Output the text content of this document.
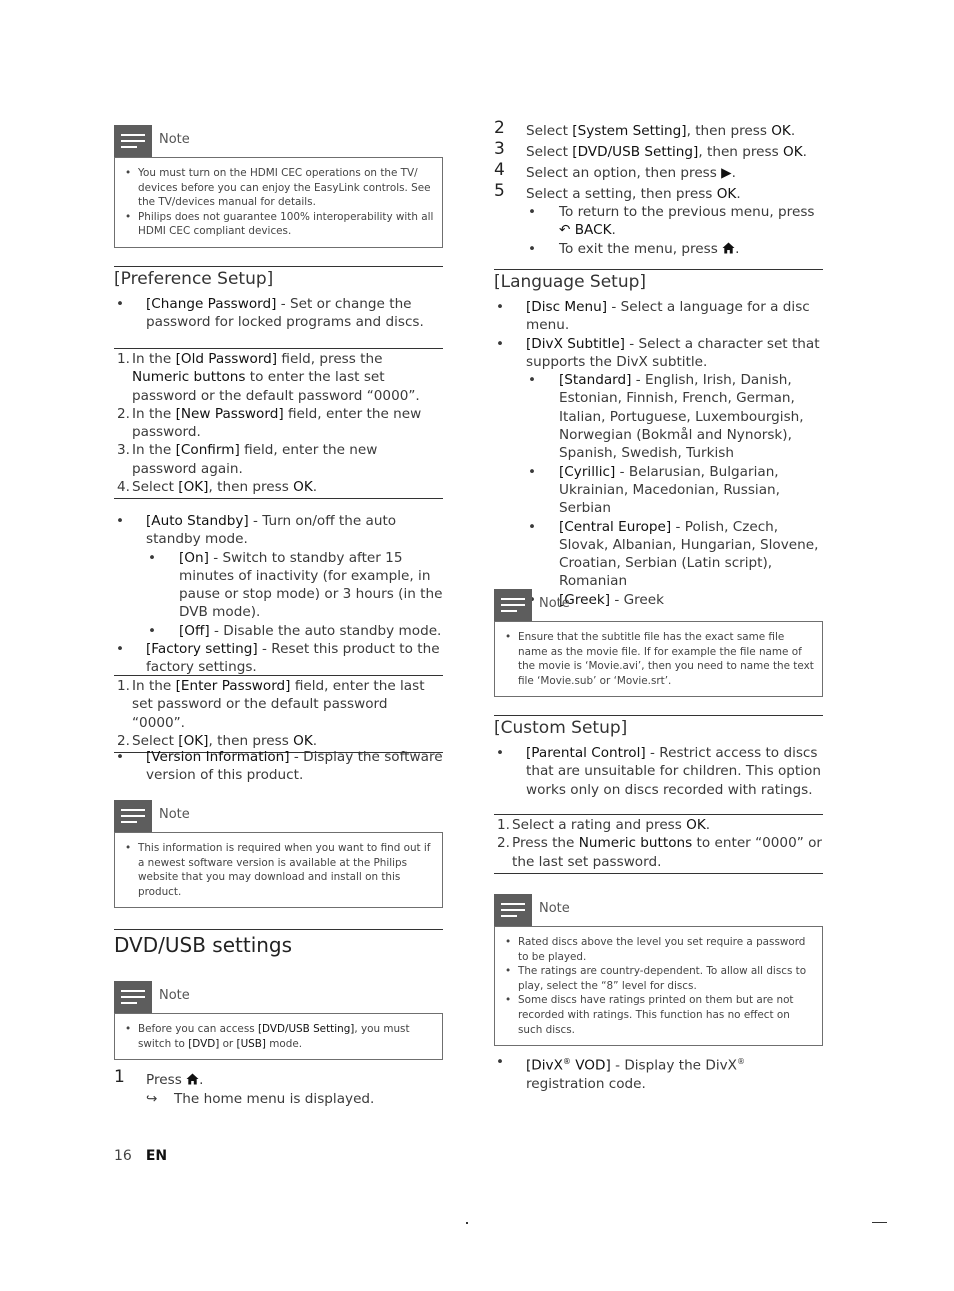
Note
• You must turn on the HDMI CEC operations on the TV/ devices before you can enjoy the EasyLink controls. See the TV/devices manual for details.
• Philips does not guarantee 100% interoperability with all HDMI CEC compliant devices.
[Preference Setup]
• [Change Password] - Set or change the password for locked programs and discs.
1. In the [Old Password] field, press the Numeric buttons to enter the last set password or the default password “0000”.
2. In the [New Password] field, enter the new password.
3. In the [Confirm] field, enter the new password again.
4. Select [OK], then press OK.
• [Auto Standby] - Turn on/off the auto standby mode.
• [On] - Switch to standby after 15 minutes of inactivity (for example, in pause or stop mode) or 3 hours (in the DVB mode).
• [Off] - Disable the auto standby mode.
• [Factory setting] - Reset this product to the factory settings.
1. In the [Enter Password] field, enter the last set password or the default password “0000”.
2. Select [OK], then press OK.
• [Version Information] - Display the software version of this product.
Note
• This information is required when you want to find out if a newest software version is available at the Philips website that you may download and install on this product.
DVD/USB settings
Note
• Before you can access [DVD/USB Setting], you must switch to [DVD] or [USB] mode.
1	Press .
↪ The home menu is displayed.
2	Select [System Setting], then press OK.
3	Select [DVD/USB Setting], then press OK.
4	Select an option, then press ▶.
5	Select a setting, then press OK.
• To return to the previous menu, press
↶ BACK.
• To exit the menu, press .
[Language Setup]
• [Disc Menu] - Select a language for a disc menu.
• [DivX Subtitle] - Select a character set that supports the DivX subtitle.
• [Standard] - English, Irish, Danish, Estonian, Finnish, French, German, Italian, Portuguese, Luxembourgish, Norwegian (Bokmål and Nynorsk), Spanish, Swedish, Turkish
• [Cyrillic] - Belarusian, Bulgarian, Ukrainian, Macedonian, Russian, Serbian
• [Central Europe] - Polish, Czech, Slovak, Albanian, Hungarian, Slovene, Croatian, Serbian (Latin script), Romanian
• [Greek] - Greek
Note
• Ensure that the subtitle file has the exact same file name as the movie file. If for example the file name of the movie is ‘Movie.avi’, then you need to name the text file ‘Movie.sub’ or ‘Movie.srt’.
[Custom Setup]
• [Parental Control] - Restrict access to discs that are unsuitable for children. This option works only on discs recorded with ratings.
1. Select a rating and press OK.
2. Press the Numeric buttons to enter “0000” or the last set password.
Note
• Rated discs above the level you set require a password to be played.
• The ratings are country-dependent. To allow all discs to play, select the “8” level for discs.
• Some discs have ratings printed on them but are not recorded with ratings. This function has no effect on such discs.
• [DivX® VOD] - Display the DivX® registration code.
16 EN
